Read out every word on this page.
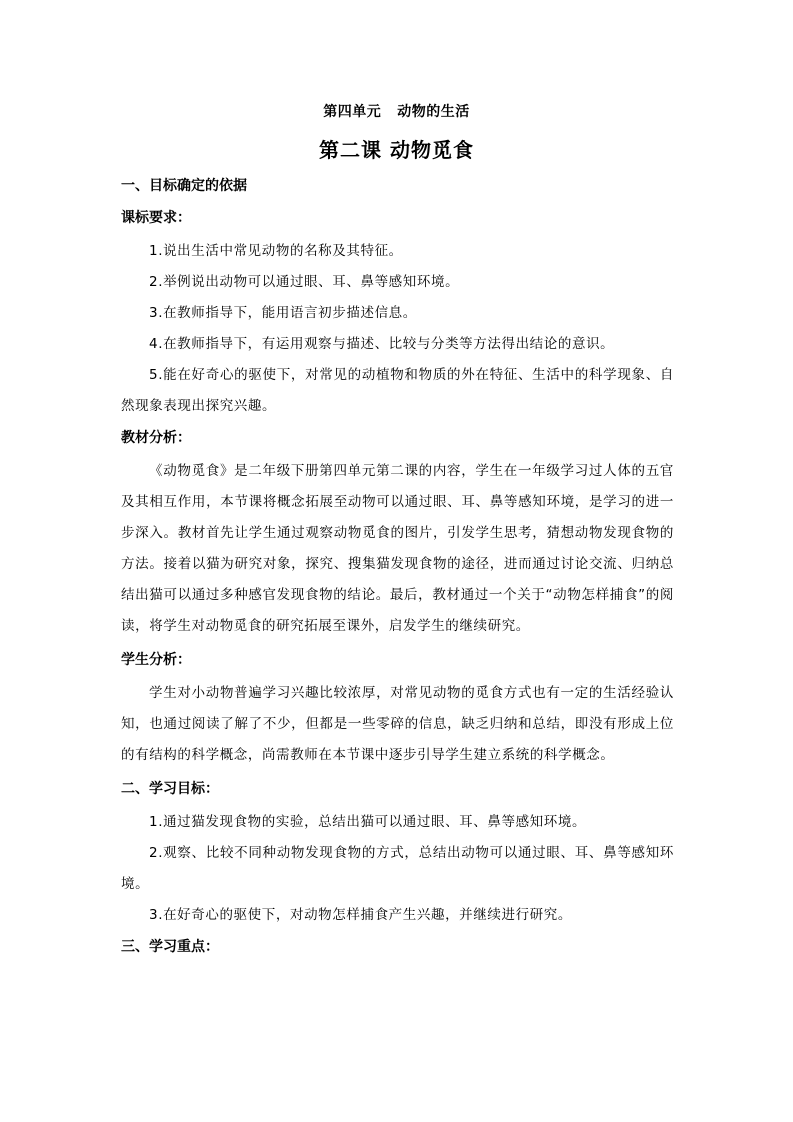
第四单元 动物的生活
第二课 动物觅食
一、目标确定的依据
课标要求：

1.说出生活中常见动物的名称及其特征。

2.举例说出动物可以通过眼、耳、鼻等感知环境。

3.在教师指导下，能用语言初步描述信息。

4.在教师指导下，有运用观察与描述、比较与分类等方法得出结论的意识。

5.能在好奇心的驱使下，对常见的动植物和物质的外在特征、生活中的科学现象、自然现象表现出探究兴趣。

教材分析：

《动物觅食》是二年级下册第四单元第二课的内容，学生在一年级学习过人体的五官及其相互作用，本节课将概念拓展至动物可以通过眼、耳、鼻等感知环境，是学习的进一步深入。教材首先让学生通过观察动物觅食的图片，引发学生思考，猜想动物发现食物的方法。接着以猫为研究对象，探究、搜集猫发现食物的途径，进而通过讨论交流、归纳总结出猫可以通过多种感官发现食物的结论。最后，教材通过一个关于“动物怎样捕食”的阅读，将学生对动物觅食的研究拓展至课外，启发学生的继续研究。

学生分析：

学生对小动物普遍学习兴趣比较浓厚，对常见动物的觅食方式也有一定的生活经验认知，也通过阅读了解了不少，但都是一些零碎的信息，缺乏归纳和总结，即没有形成上位的有结构的科学概念，尚需教师在本节课中逐步引导学生建立系统的科学概念。

二、学习目标：

1.通过猫发现食物的实验，总结出猫可以通过眼、耳、鼻等感知环境。

2.观察、比较不同种动物发现食物的方式，总结出动物可以通过眼、耳、鼻等感知环境。

3.在好奇心的驱使下，对动物怎样捕食产生兴趣，并继续进行研究。

三、学习重点：
